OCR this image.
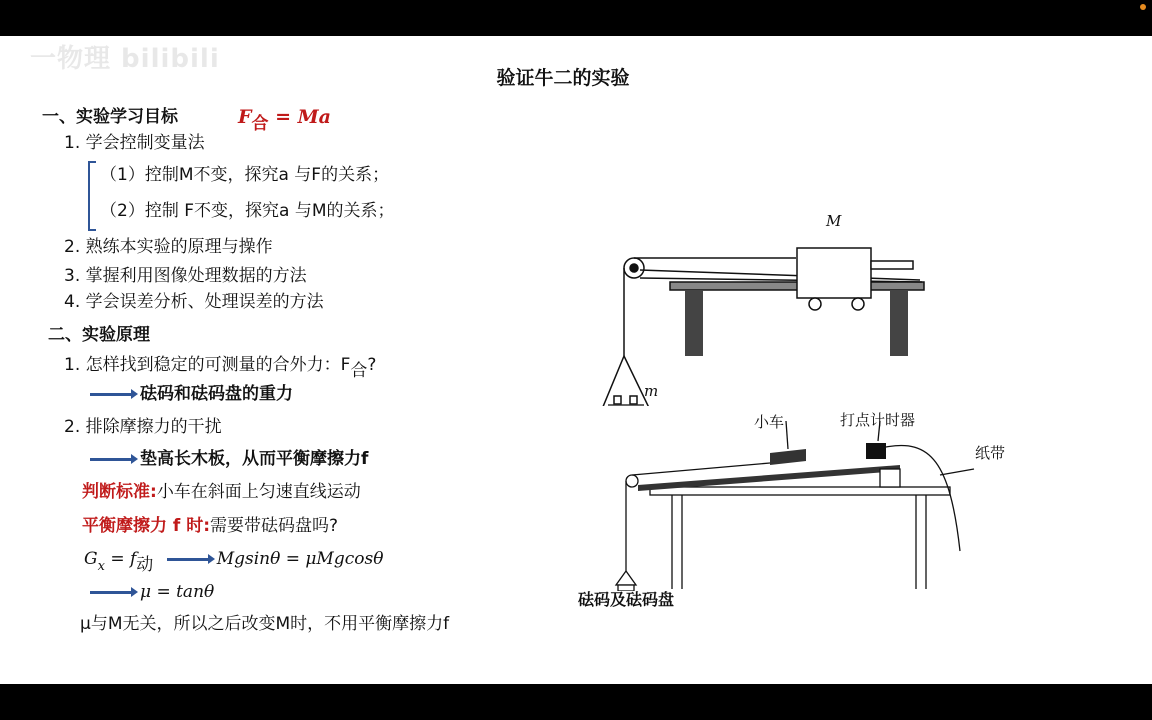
一物理 bilibili
验证牛二的实验
一、实验学习目标	F合 = Ma
1. 学会控制变量法
（1）控制M不变，探究a 与F的关系；
（2）控制 F不变，探究a 与M的关系；
2. 熟练本实验的原理与操作
3. 掌握利用图像处理数据的方法
4. 学会误差分析、处理误差的方法
二、实验原理
1. 怎样找到稳定的可测量的合外力：F合?
砝码和砝码盘的重力
2. 排除摩擦力的干扰
垫高长木板，从而平衡摩擦力f
判断标准:小车在斜面上匀速直线运动
平衡摩擦力 f 时:需要带砝码盘吗?
$G_x = f$动	Mgsinθ = μMgcosθ
μ = tanθ
μ与M无关，所以之后改变M时，不用平衡摩擦力f
M
m
小车	打点计时器
纸带
砝码及砝码盘
